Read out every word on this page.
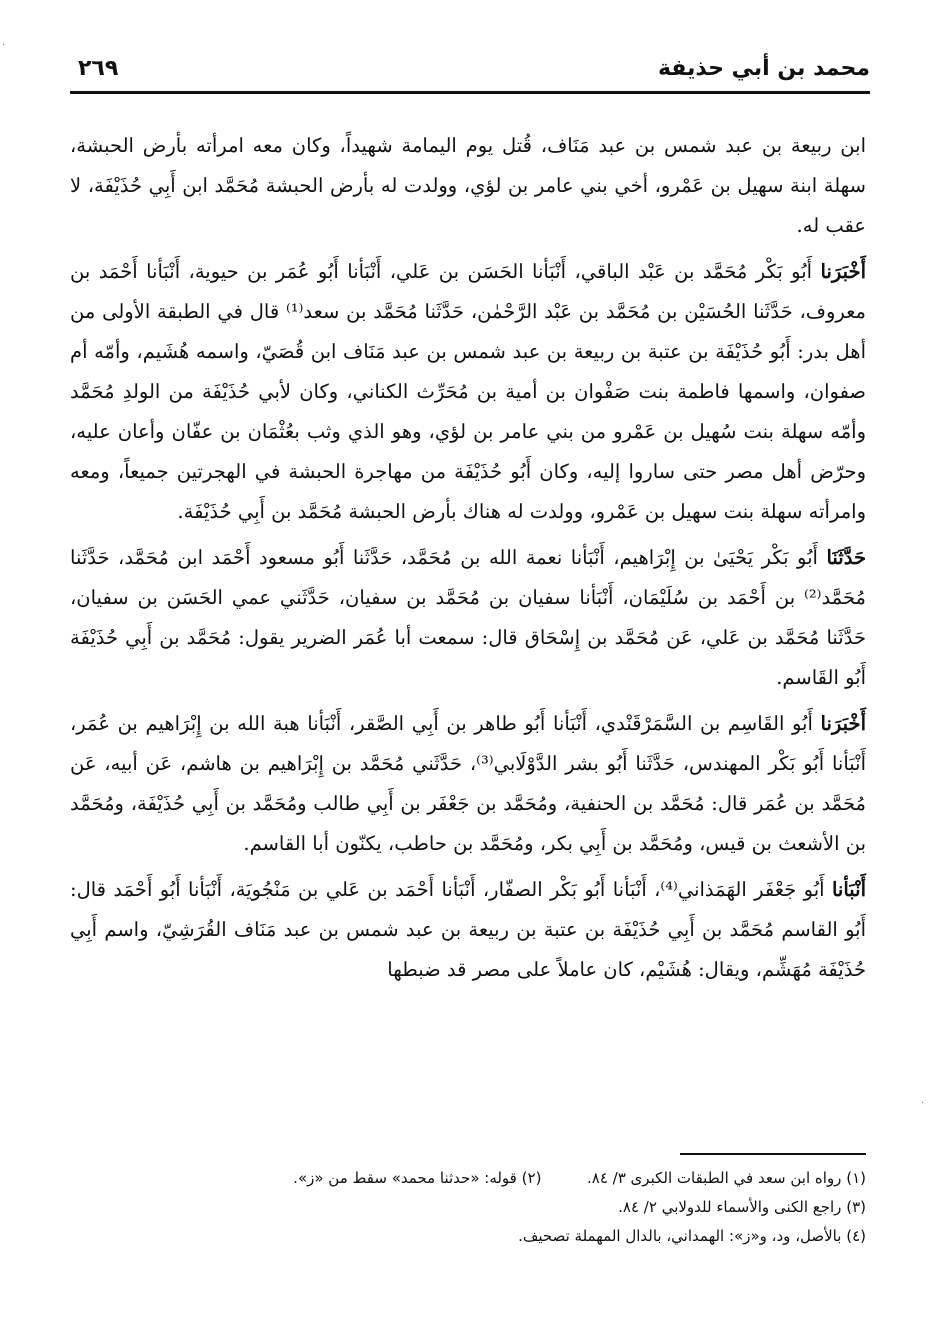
محمد بن أبي حذيفة
٢٦٩

ابن ربيعة بن عبد شمس بن عبد مَنَاف، قُتل يوم اليمامة شهيداً، وكان معه امرأته بأرض الحبشة، سهلة ابنة سهيل بن عَمْرو، أخي بني عامر بن لؤي، وولدت له بأرض الحبشة مُحَمَّد ابن أَبِي حُذَيْفَة، لا عقب له.

أَخْبَرَنا أَبُو بَكْر مُحَمَّد بن عَبْد الباقي، أَنْبَأنا الحَسَن بن عَلي، أَنْبَأنا أَبُو عُمَر بن حيوية، أَنْبَأنا أَحْمَد بن معروف، حَدَّثَنا الحُسَيْن بن مُحَمَّد بن عَبْد الرَّحْمٰن، حَدَّثَنا مُحَمَّد بن سعد⁽¹⁾ قال في الطبقة الأولى من أهل بدر: أَبُو حُذَيْفَة بن عتبة بن ربيعة بن عبد شمس بن عبد مَنَاف ابن قُصَيّ، واسمه هُشَيم، وأمّه أم صفوان، واسمها فاطمة بنت صَفْوان بن أمية بن مُحَرِّث الكناني، وكان لأبي حُذَيْفَة من الولدِ مُحَمَّد وأمّه سهلة بنت سُهيل بن عَمْرو من بني عامر بن لؤي، وهو الذي وثب بعُثْمَان بن عفّان وأعان عليه، وحرّض أهل مصر حتى ساروا إليه، وكان أَبُو حُذَيْفَة من مهاجرة الحبشة في الهجرتين جميعاً، ومعه وامرأته سهلة بنت سهيل بن عَمْرو، وولدت له هناك بأرض الحبشة مُحَمَّد بن أَبِي حُذَيْفَة.

حَدَّثَنَا أَبُو بَكْر يَحْيَىٰ بن إِبْرَاهيم، أَنْبَأنا نعمة الله بن مُحَمَّد، حَدَّثَنا أَبُو مسعود أَحْمَد ابن مُحَمَّد، حَدَّثَنا مُحَمَّد⁽²⁾ بن أَحْمَد بن سُلَيْمَان، أَنْبَأنا سفيان بن مُحَمَّد بن سفيان، حَدَّثَني عمي الحَسَن بن سفيان، حَدَّثَنا مُحَمَّد بن عَلي، عَن مُحَمَّد بن إِسْحَاق قال: سمعت أبا عُمَر الضرير يقول: مُحَمَّد بن أَبِي حُذَيْفَة أَبُو القَاسم.

أَخْبَرَنا أَبُو القَاسِم بن السَّمَرْقَنْدي، أَنْبَأنا أَبُو طاهر بن أَبِي الصَّقر، أَنْبَأنا هبة الله بن إِبْرَاهيم بن عُمَر، أَنْبَأنا أَبُو بَكْر المهندس، حَدَّثَنا أَبُو بشر الدَّوْلَابي⁽³⁾، حَدَّثَني مُحَمَّد بن إِبْرَاهيم بن هاشم، عَن أبيه، عَن مُحَمَّد بن عُمَر قال: مُحَمَّد بن الحنفية، ومُحَمَّد بن جَعْفَر بن أَبِي طالب ومُحَمَّد بن أَبِي حُذَيْفَة، ومُحَمَّد بن الأشعث بن قيس، ومُحَمَّد بن أَبِي بكر، ومُحَمَّد بن حاطب، يكنّون أبا القاسم.

أَنْبَأنا أَبُو جَعْفَر الهَمَذاني⁽⁴⁾، أَنْبَأنا أَبُو بَكْر الصفّار، أَنْبَأنا أَحْمَد بن عَلي بن مَنْجُويَة، أَنْبَأنا أَبُو أَحْمَد قال: أَبُو القاسم مُحَمَّد بن أَبِي حُذَيْفَة بن عتبة بن ربيعة بن عبد شمس بن عبد مَنَاف القُرَشِيّ، واسم أَبِي حُذَيْفَة مُهَشِّم، ويقال: هُشَيْم، كان عاملاً على مصر قد ضبطها

(١) رواه ابن سعد في الطبقات الكبرى ٣/ ٨٤.  (٢) قوله: «حدثنا محمد» سقط من «ز».
(٣) راجع الكنى والأسماء للدولابي ٢/ ٨٤.
(٤) بالأصل، ود، و«ز»: الهمداني، بالدال المهملة تصحيف.
·
·
